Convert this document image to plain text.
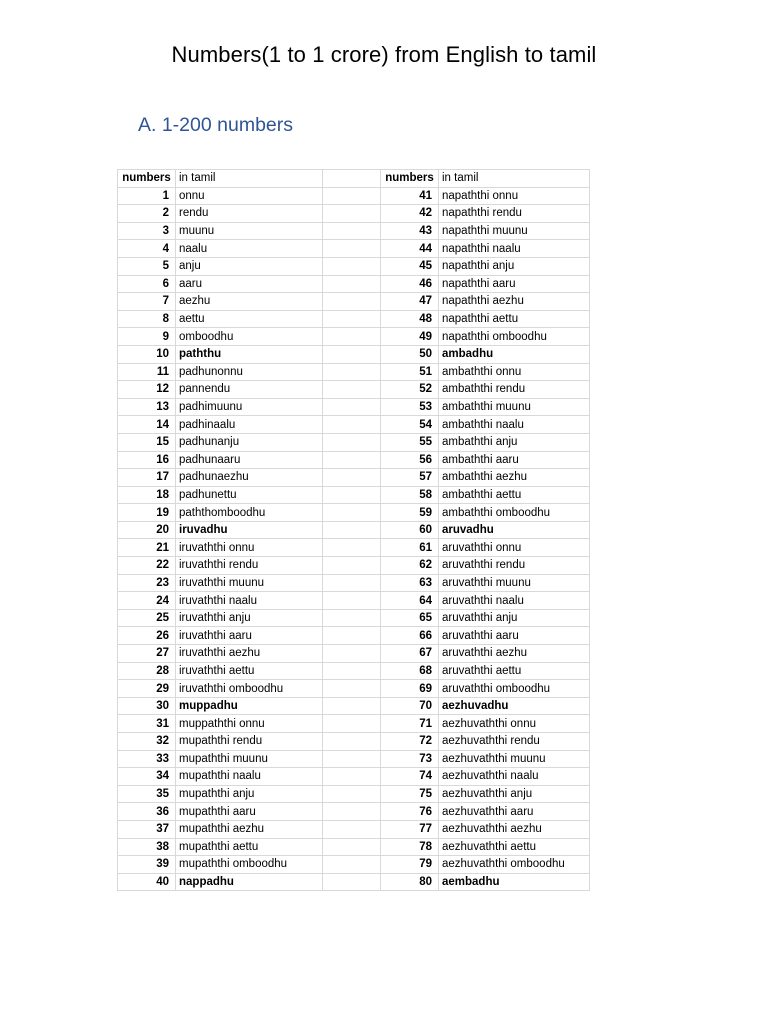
Numbers(1 to 1 crore) from English to tamil
A. 1-200 numbers
numbers	in tamil		numbers	in tamil
1	onnu		41	napaththi onnu
2	rendu		42	napaththi rendu
3	muunu		43	napaththi muunu
4	naalu		44	napaththi naalu
5	anju		45	napaththi anju
6	aaru		46	napaththi aaru
7	aezhu		47	napaththi aezhu
8	aettu		48	napaththi aettu
9	omboodhu		49	napaththi omboodhu
10	paththu		50	ambadhu
11	padhunonnu		51	ambaththi onnu
12	pannendu		52	ambaththi rendu
13	padhimuunu		53	ambaththi muunu
14	padhinaalu		54	ambaththi naalu
15	padhunanju		55	ambaththi anju
16	padhunaaru		56	ambaththi aaru
17	padhunaezhu		57	ambaththi aezhu
18	padhunettu		58	ambaththi aettu
19	paththomboodhu		59	ambaththi omboodhu
20	iruvadhu		60	aruvadhu
21	iruvaththi onnu		61	aruvaththi onnu
22	iruvaththi rendu		62	aruvaththi rendu
23	iruvaththi muunu		63	aruvaththi muunu
24	iruvaththi naalu		64	aruvaththi naalu
25	iruvaththi anju		65	aruvaththi anju
26	iruvaththi aaru		66	aruvaththi aaru
27	iruvaththi aezhu		67	aruvaththi aezhu
28	iruvaththi aettu		68	aruvaththi aettu
29	iruvaththi omboodhu		69	aruvaththi omboodhu
30	muppadhu		70	aezhuvadhu
31	muppaththi onnu		71	aezhuvaththi onnu
32	mupaththi rendu		72	aezhuvaththi rendu
33	mupaththi muunu		73	aezhuvaththi muunu
34	mupaththi naalu		74	aezhuvaththi naalu
35	mupaththi anju		75	aezhuvaththi anju
36	mupaththi aaru		76	aezhuvaththi aaru
37	mupaththi aezhu		77	aezhuvaththi aezhu
38	mupaththi aettu		78	aezhuvaththi aettu
39	mupaththi omboodhu		79	aezhuvaththi omboodhu
40	nappadhu		80	aembadhu
